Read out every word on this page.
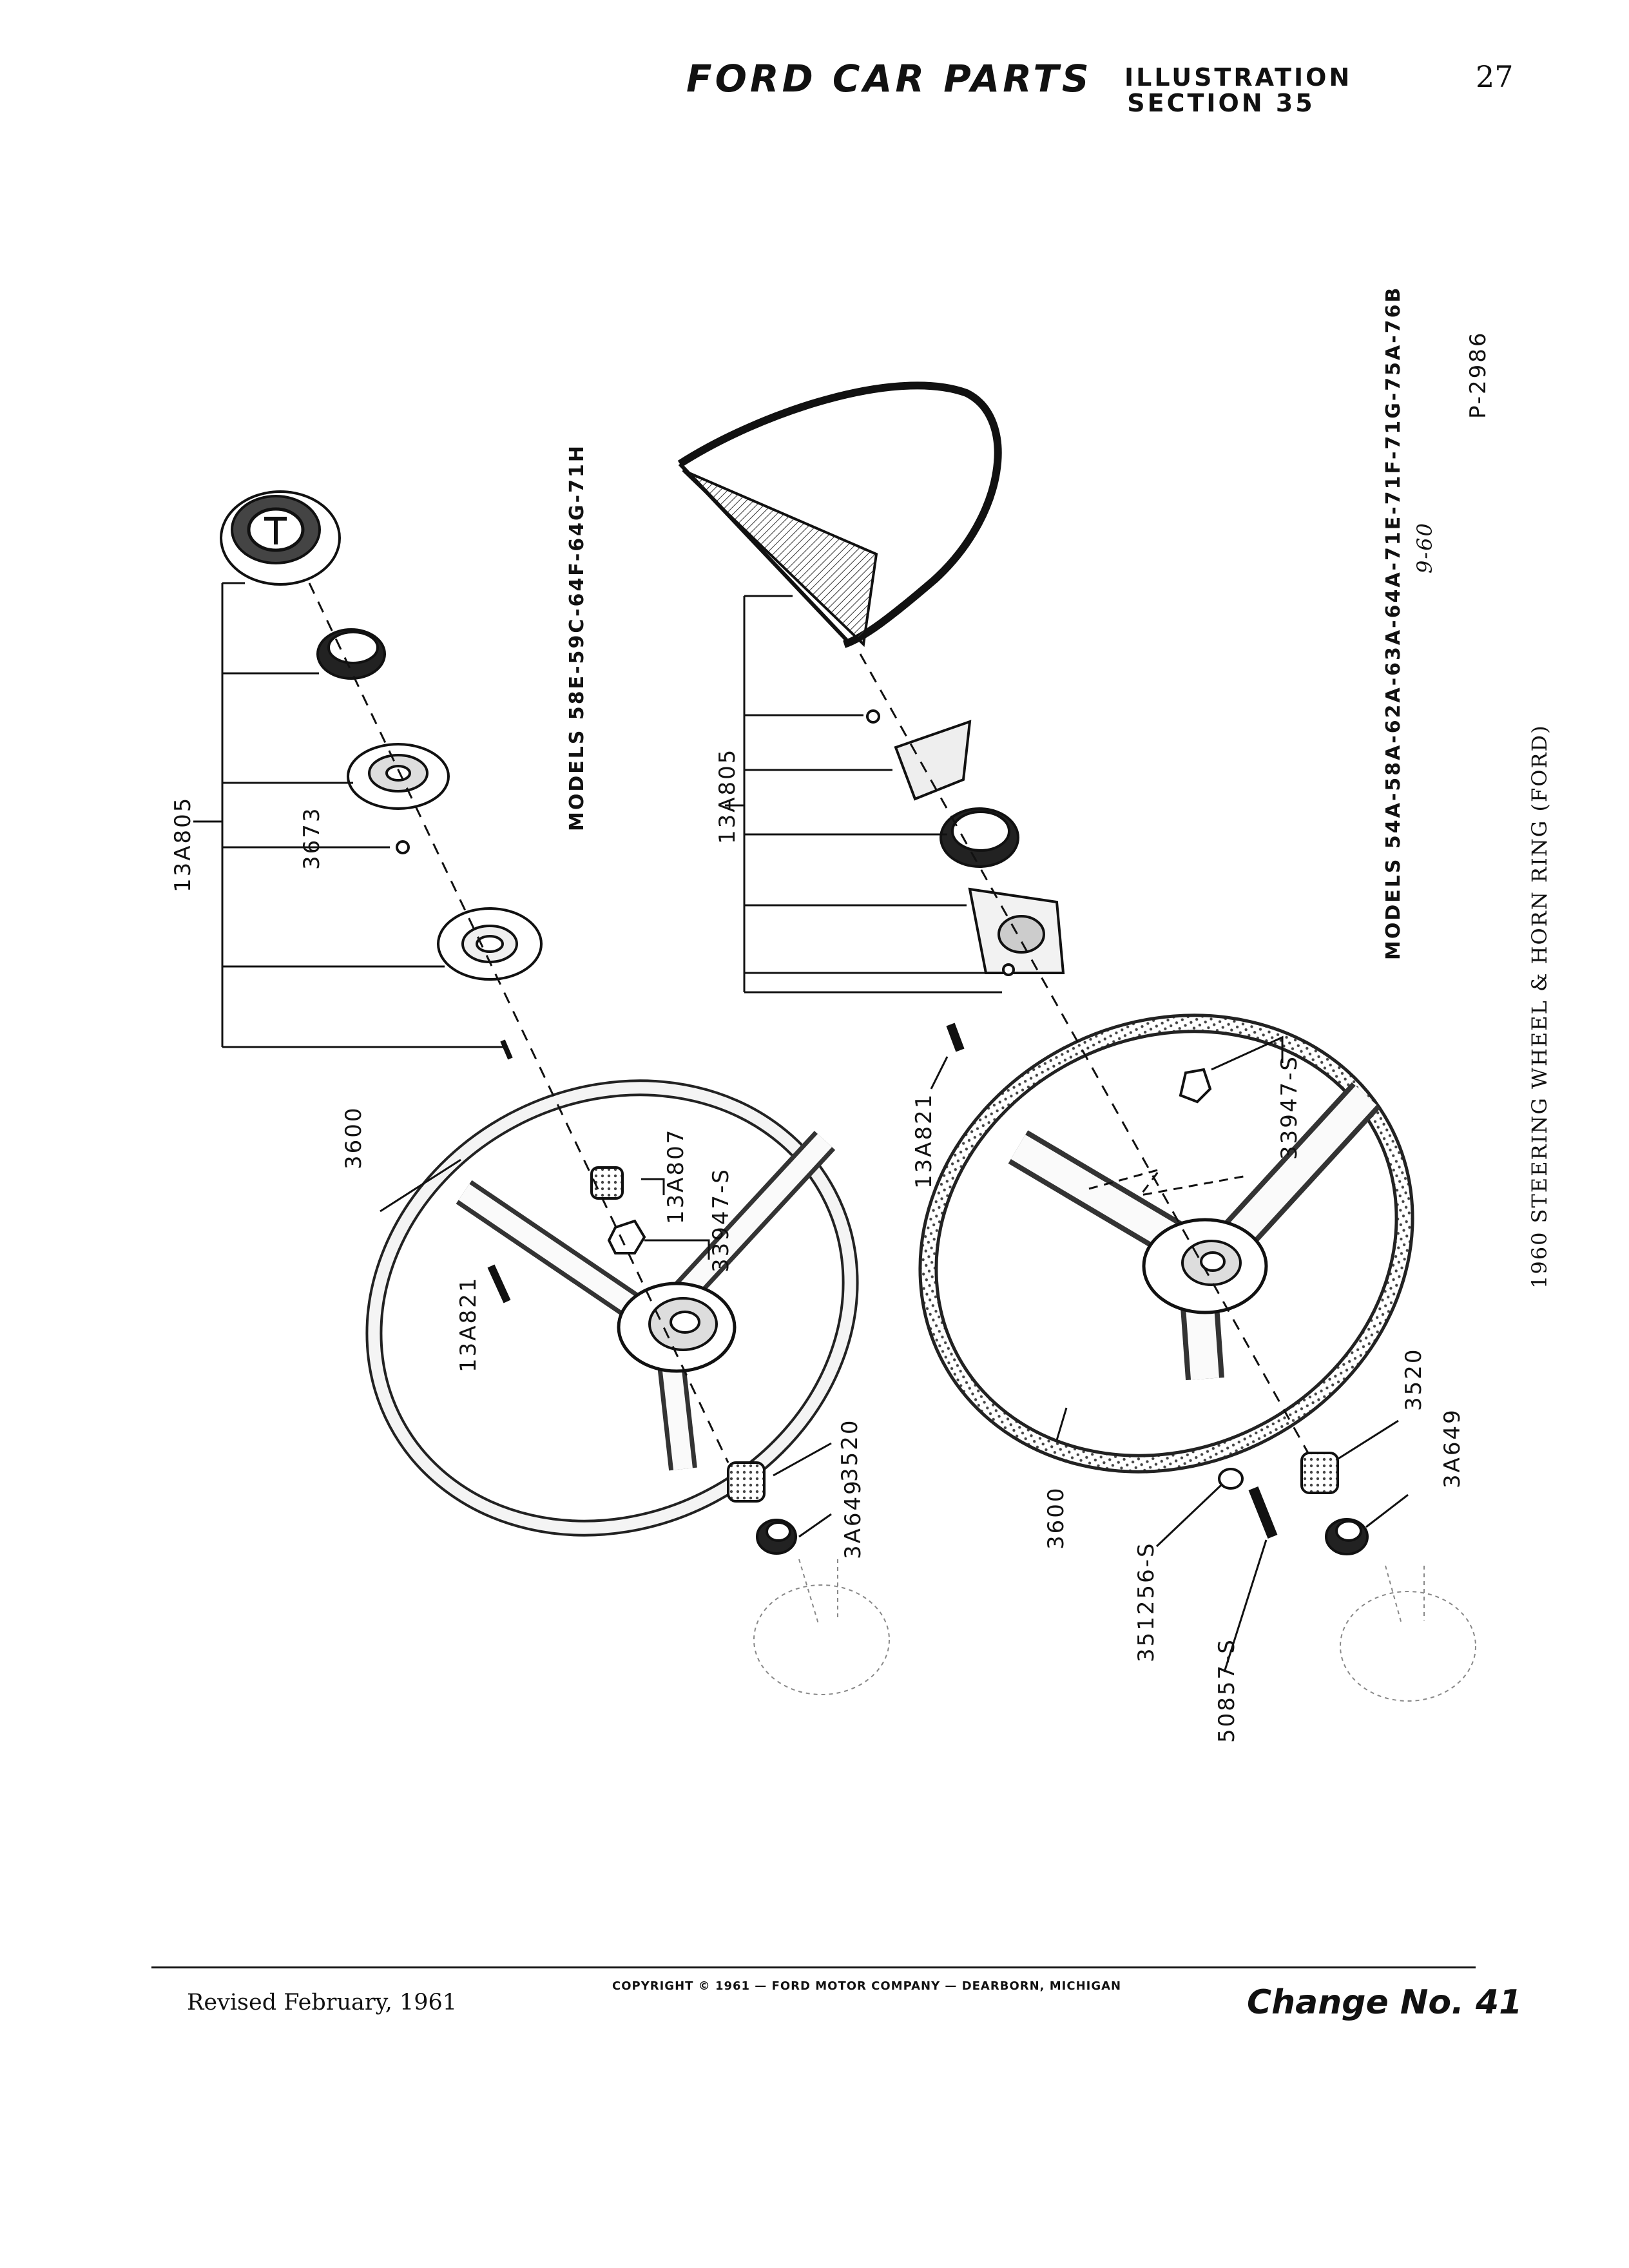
FORD CAR PARTS ILLUSTRATION
SECTION 35
27
13A805	3673
3600	13A807 33947-S
13A821
3520
3A649
13A805
13A821	33947-S
3520
3A649
3600
351256-S
50857-S
MODELS 58E-59C-64F-64G-71H	MODELS 54A-58A-62A-63A-64A-71E-71F-71G-75A-76B 9-60
P-2986
1960 STEERING WHEEL & HORN RING (FORD)
Revised February, 1961
COPYRIGHT © 1961 — FORD MOTOR COMPANY — DEARBORN, MICHIGAN	Change No. 41
